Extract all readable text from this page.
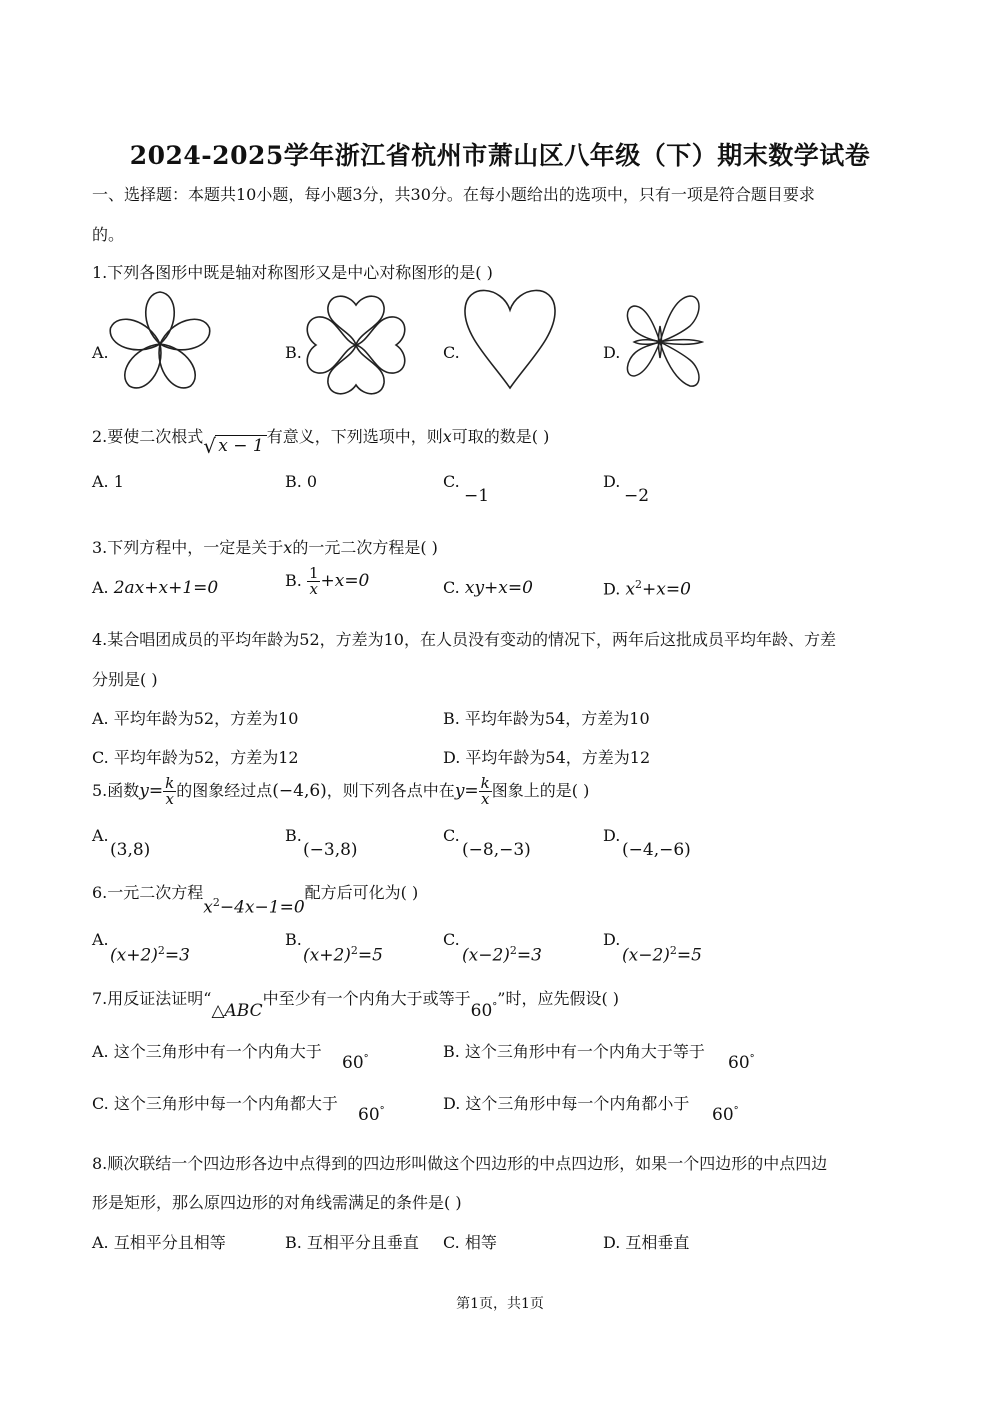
2024-2025学年浙江省杭州市萧山区八年级（下）期末数学试卷
一、选择题：本题共10小题，每小题3分，共30分。在每小题给出的选项中，只有一项是符合题目要求
的。
1.下列各图形中既是轴对称图形又是中心对称图形的是( )
A.	B.	C.	D.
2.要使二次根式 √ x − 1 有意义，下列选项中，则x可取的数是( )
A. 1	B. 0	C.
−1
D.
−2
3.下列方程中，一定是关于x的一元二次方程是( )
A. 2ax+x+1=0	B. $\frac{1}{x} +x=0$	C. xy+x=0	D. $x^2+x=0$
4.某合唱团成员的平均年龄为52，方差为10，在人员没有变动的情况下，两年后这批成员平均年龄、方差
分别是( )
A. 平均年龄为52，方差为10	B. 平均年龄为54，方差为10
C. 平均年龄为52，方差为12	D. 平均年龄为54，方差为12
5.函数$y= \frac{k}{x}$ 的图象经过点(−4,6)，则下列各点中在$y= \frac{k}{x}$ 图象上的是( )
A.
(3,8)
B.
(−3,8)
C.
(−8,−3)
D.
(−4,−6)
6.一元二次方程$x^2-4x-1=0$配方后可化为( )
A.
$(x+2)^2=3$
B.
$(x+2)^2=5$
C.
$(x-2)^2=3$
D.
$(x-2)^2=5$
7.用反证法证明“△ABC中至少有一个内角大于或等于60°”时，应先假设( )
A. 这个三角形中有一个内角大于
60°	B. 这个三角形中有一个内角大于等于
60°
C. 这个三角形中每一个内角都大于
60°	D. 这个三角形中每一个内角都小于
60°
8.顺次联结一个四边形各边中点得到的四边形叫做这个四边形的中点四边形，如果一个四边形的中点四边
形是矩形，那么原四边形的对角线需满足的条件是( )
A. 互相平分且相等	B. 互相平分且垂直 C. 相等	D. 互相垂直
第1页，共1页
